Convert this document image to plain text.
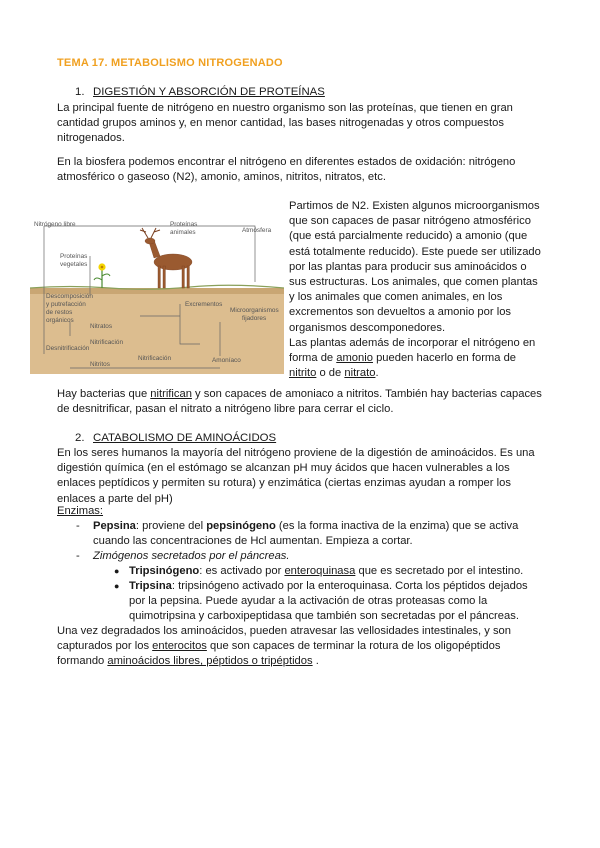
TEMA 17. METABOLISMO NITROGENADO
1. DIGESTIÓN Y ABSORCIÓN DE PROTEÍNAS
La principal fuente de nitrógeno en nuestro organismo son las proteínas, que tienen en gran
cantidad grupos aminos y, en menor cantidad, las bases nitrogenadas y otros compuestos
nitrogenados.
En la biosfera podemos encontrar el nitrógeno en diferentes estados de oxidación: nitrógeno
atmosférico o gaseoso (N2), amonio, aminos, nitritos, nitratos, etc.
Nitrógeno libre	Proteínas
animales	Atmósfera
Proteínas
vegetales
Descomposición
y putrefacción
de restos
orgánicos
Nitratos
Excrementos
Microorganismos
fijadores
Desnitrificación
Nitrificación
Nitritos
Nitrificación	Amoníaco
Partimos de N2. Existen algunos microorganismos
que son capaces de pasar nitrógeno atmosférico
(que está parcialmente reducido) a amonio (que
está totalmente reducido). Este puede ser utilizado
por las plantas para producir sus aminoácidos o
sus estructuras. Los animales, que comen plantas
y los animales que comen animales, en los
excrementos son devueltos a amonio por los
organismos descomponedores.
Las plantas además de incorporar el nitrógeno en
forma de amonio pueden hacerlo en forma de
nitrito o de nitrato.
Hay bacterias que nitrifican y son capaces de amoniaco a nitritos. También hay bacterias capaces
de desnitrificar, pasan el nitrato a nitrógeno libre para cerrar el ciclo.
2. CATABOLISMO DE AMINOÁCIDOS
En los seres humanos la mayoría del nitrógeno proviene de la digestión de aminoácidos. Es una
digestión química (en el estómago se alcanzan pH muy ácidos que hacen vulnerables a los
enlaces peptídicos y permiten su rotura) y enzimática (ciertas enzimas ayudan a romper los
enlaces a parte del pH)
Enzimas:
- Pepsina: proviene del pepsinógeno (es la forma inactiva de la enzima) que se activa
cuando las concentraciones de Hcl aumentan. Empieza a cortar.
- Zimógenos secretados por el páncreas.
● Tripsinógeno: es activado por enteroquinasa que es secretado por el intestino.
● Tripsina: tripsinógeno activado por la enteroquinasa. Corta los péptidos dejados
por la pepsina. Puede ayudar a la activación de otras proteasas como la
quimotripsina y carboxipeptidasa que también son secretadas por el páncreas.
Una vez degradados los aminoácidos, pueden atravesar las vellosidades intestinales, y son
capturados por los enterocitos que son capaces de terminar la rotura de los oligopéptidos
formando aminoácidos libres, péptidos o tripéptidos .
